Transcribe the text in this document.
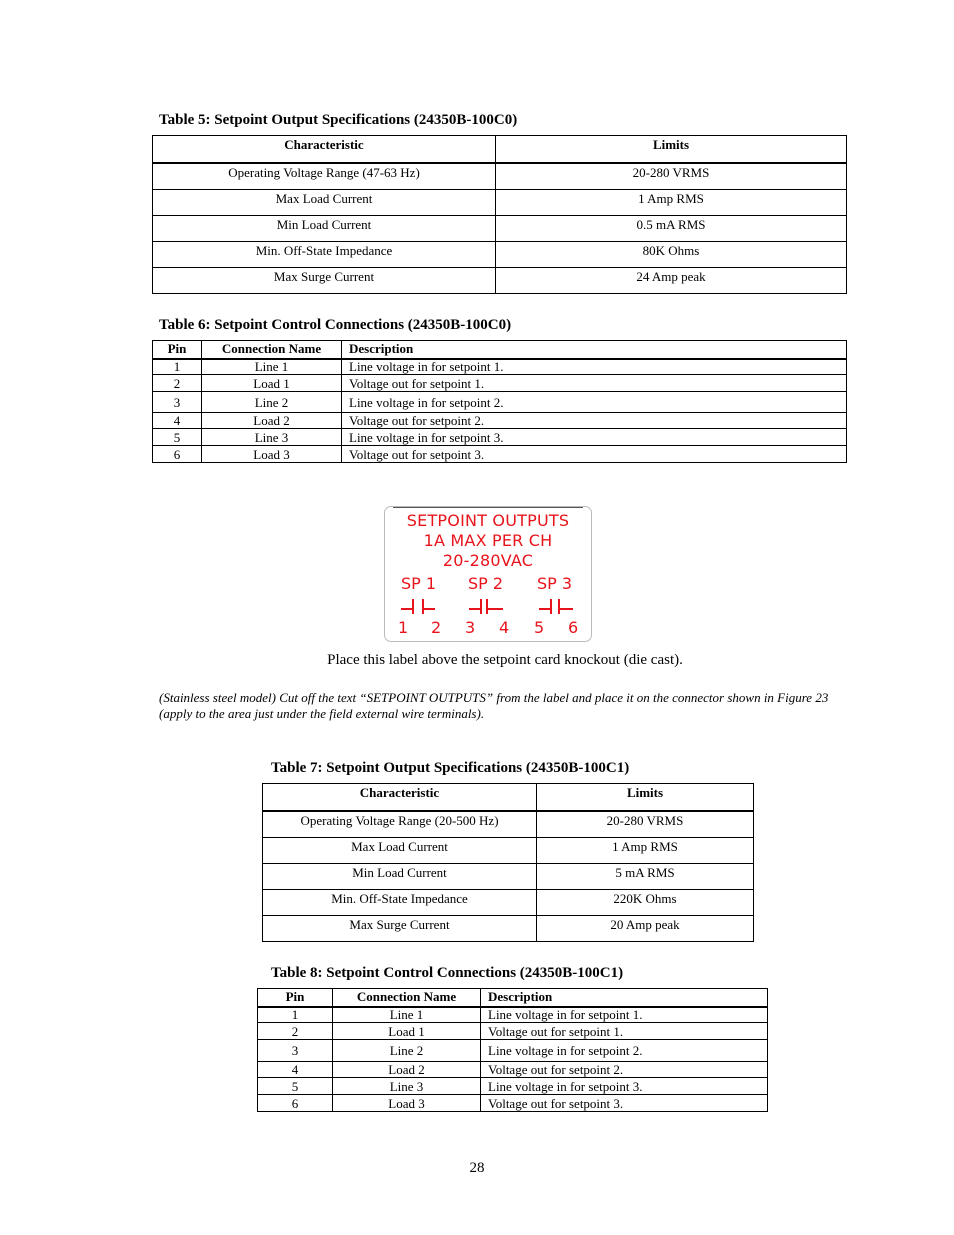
Table 5: Setpoint Output Specifications (24350B-100C0)
Characteristic	Limits
Operating Voltage Range (47-63 Hz)	20-280 VRMS
Max Load Current	1 Amp RMS
Min Load Current	0.5 mA RMS
Min. Off-State Impedance	80K Ohms
Max Surge Current	24 Amp peak
Table 6: Setpoint Control Connections (24350B-100C0)
Pin	Connection Name	Description
1	Line 1	Line voltage in for setpoint 1.
2	Load 1	Voltage out for setpoint 1.
3	Line 2	Line voltage in for setpoint 2.
4	Load 2	Voltage out for setpoint 2.
5	Line 3	Line voltage in for setpoint 3.
6	Load 3	Voltage out for setpoint 3.
SETPOINT OUTPUTS
1A MAX PER CH
20-280VAC
SP 1 SP 2 SP 3
1 2 3 4 5 6
Place this label above the setpoint card knockout (die cast).
(Stainless steel model) Cut off the text “SETPOINT OUTPUTS” from the label and place it on the connector shown in Figure 23 (apply to the area just under the field external wire terminals).
Table 7: Setpoint Output Specifications (24350B-100C1)
Characteristic	Limits
Operating Voltage Range (20-500 Hz)	20-280 VRMS
Max Load Current	1 Amp RMS
Min Load Current	5 mA RMS
Min. Off-State Impedance	220K Ohms
Max Surge Current	20 Amp peak
Table 8: Setpoint Control Connections (24350B-100C1)
Pin	Connection Name	Description
1	Line 1	Line voltage in for setpoint 1.
2	Load 1	Voltage out for setpoint 1.
3	Line 2	Line voltage in for setpoint 2.
4	Load 2	Voltage out for setpoint 2.
5	Line 3	Line voltage in for setpoint 3.
6	Load 3	Voltage out for setpoint 3.
28
